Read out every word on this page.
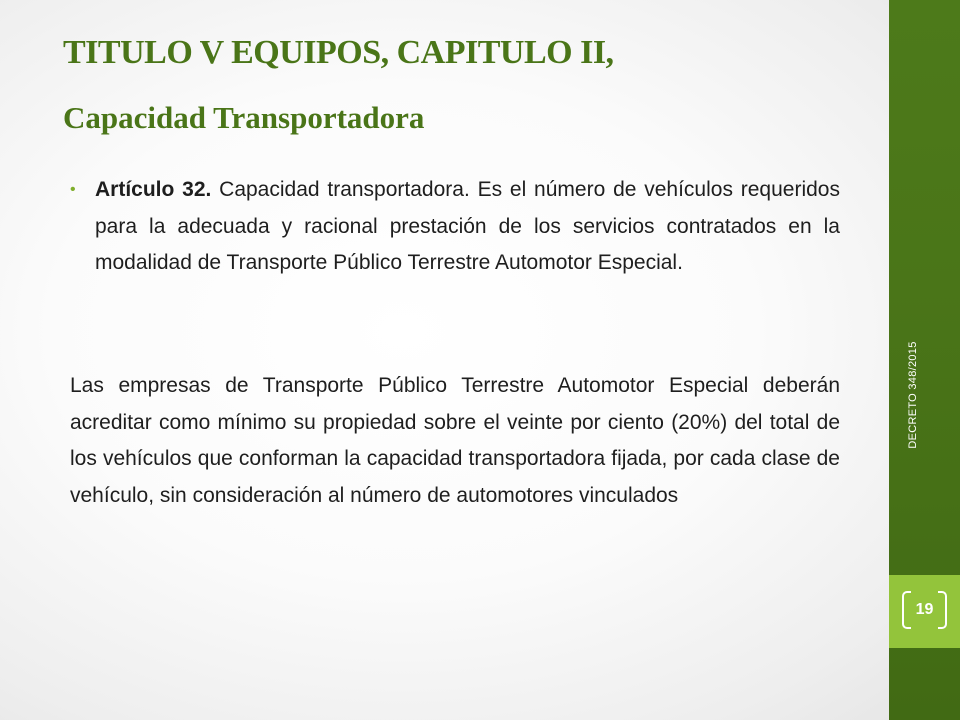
DECRETO 348/2015
19
TITULO V EQUIPOS, CAPITULO II,
Capacidad Transportadora
• Artículo 32. Capacidad transportadora. Es el número de vehículos requeridos para la adecuada y racional prestación de los servicios contratados en la modalidad de Transporte Público Terrestre Automotor Especial.
Las empresas de Transporte Público Terrestre Automotor Especial deberán acreditar como mínimo su propiedad sobre el veinte por ciento (20%) del total de los vehículos que conforman la capacidad transportadora fijada, por cada clase de vehículo, sin consideración al número de automotores vinculados
